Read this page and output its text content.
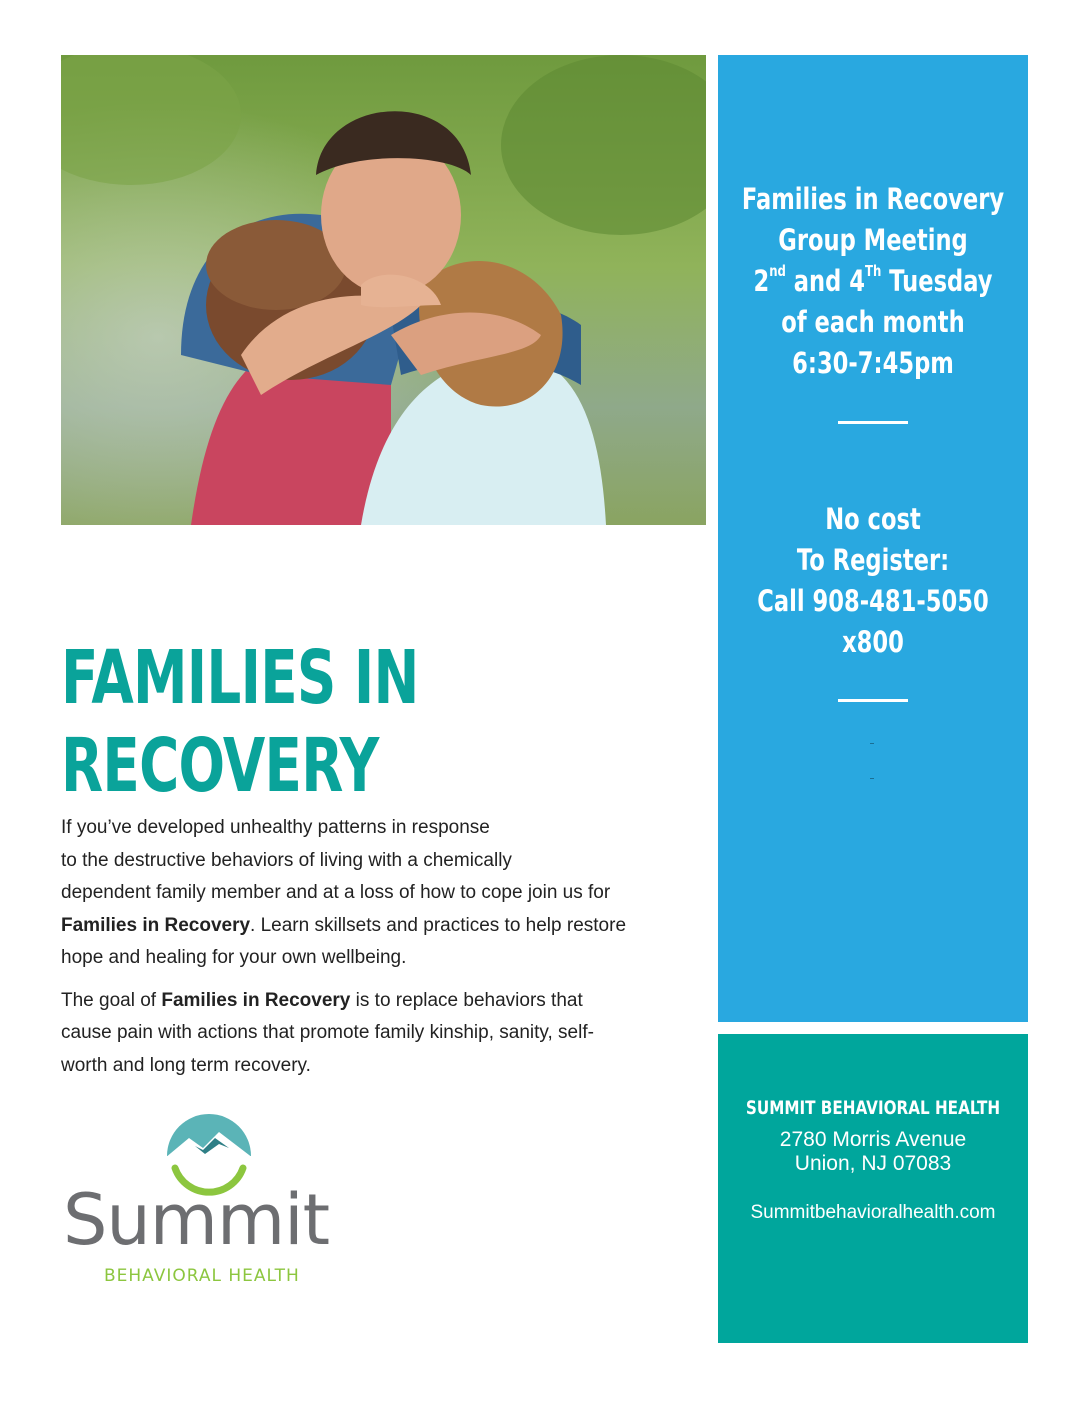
FAMILIES IN
RECOVERY

If you’ve developed unhealthy patterns in response
to the destructive behaviors of living with a chemically
dependent family member and at a loss of how to cope join us for
Families in Recovery. Learn skillsets and practices to help restore
hope and healing for your own wellbeing.

The goal of Families in Recovery is to replace behaviors that
cause pain with actions that promote family kinship, sanity, self-
worth and long term recovery.

Summit
BEHAVIORAL HEALTH
Families in Recovery
Group Meeting
2nd and 4Th Tuesday
of each month
6:30-7:45pm
No cost
To Register:
Call 908-481-5050
x800
SUMMIT BEHAVIORAL HEALTH
2780 Morris Avenue
Union, NJ 07083
Summitbehavioralhealth.com
